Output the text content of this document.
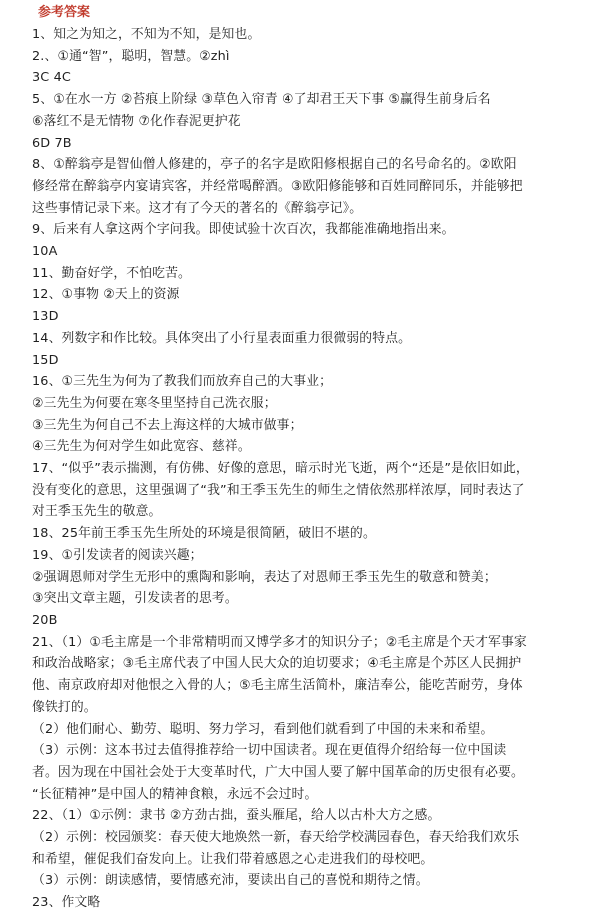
参考答案
1、知之为知之，不知为不知，是知也。
2.、①通“智”，聪明，智慧。②zhì
3C 4C
5、①在水一方 ②苔痕上阶绿 ③草色入帘青 ④了却君王天下事 ⑤赢得生前身后名
⑥落红不是无情物 ⑦化作春泥更护花
6D 7B
8、①醉翁亭是智仙僧人修建的，亭子的名字是欧阳修根据自己的名号命名的。②欧阳
修经常在醉翁亭内宴请宾客，并经常喝醉酒。③欧阳修能够和百姓同醉同乐，并能够把
这些事情记录下来。这才有了今天的著名的《醉翁亭记》。
9、后来有人拿这两个字问我。即使试验十次百次，我都能准确地指出来。
10A
11、勤奋好学，不怕吃苦。
12、①事物 ②天上的资源
13D
14、列数字和作比较。具体突出了小行星表面重力很微弱的特点。
15D
16、①三先生为何为了教我们而放弃自己的大事业；
②三先生为何要在寒冬里坚持自己洗衣服；
③三先生为何自己不去上海这样的大城市做事；
④三先生为何对学生如此宽容、慈祥。
17、“似乎”表示揣测，有仿佛、好像的意思，暗示时光飞逝，两个“还是”是依旧如此，
没有变化的意思，这里强调了“我”和王季玉先生的师生之情依然那样浓厚，同时表达了
对王季玉先生的敬意。
18、25年前王季玉先生所处的环境是很简陋，破旧不堪的。
19、①引发读者的阅读兴趣；
②强调恩师对学生无形中的熏陶和影响，表达了对恩师王季玉先生的敬意和赞美；
③突出文章主题，引发读者的思考。
20B
21、（1）①毛主席是一个非常精明而又博学多才的知识分子；②毛主席是个天才军事家
和政治战略家；③毛主席代表了中国人民大众的迫切要求；④毛主席是个苏区人民拥护
他、南京政府却对他恨之入骨的人；⑤毛主席生活简朴，廉洁奉公，能吃苦耐劳，身体
像铁打的。
（2）他们耐心、勤劳、聪明、努力学习，看到他们就看到了中国的未来和希望。
（3）示例：这本书过去值得推荐给一切中国读者。现在更值得介绍给每一位中国读
者。因为现在中国社会处于大变革时代，广大中国人要了解中国革命的历史很有必要。
“长征精神”是中国人的精神食粮，永远不会过时。
22、（1）①示例：隶书 ②方劲古拙，蚕头雁尾，给人以古朴大方之感。
（2）示例：校园颁奖：春天使大地焕然一新，春天给学校满园春色，春天给我们欢乐
和希望，催促我们奋发向上。让我们带着感恩之心走进我们的母校吧。
（3）示例：朗读感情，要情感充沛，要读出自己的喜悦和期待之情。
23、作文略
